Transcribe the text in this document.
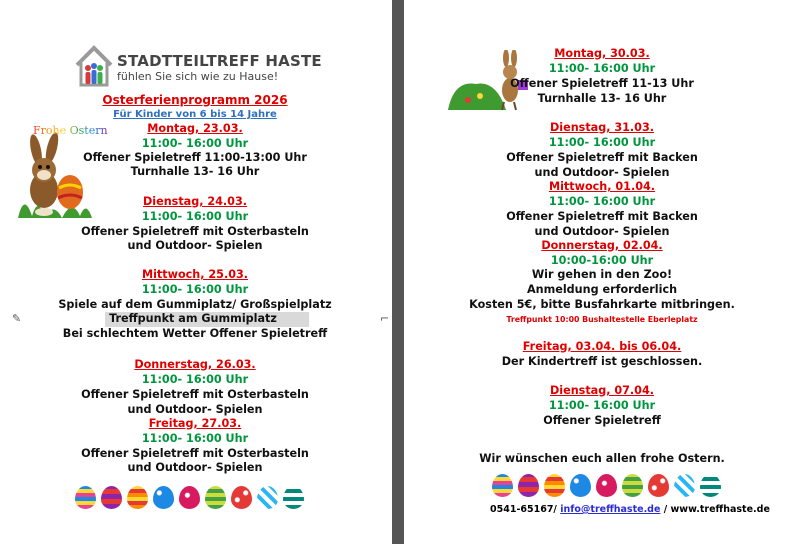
STADTTEILTREFF HASTE
fühlen Sie sich wie zu Hause!
Frohe Ostern
Osterferienprogramm 2026
Für Kinder von 6 bis 14 Jahre
Montag, 23.03.
11:00- 16:00 Uhr
Offener Spieletreff 11:00-13:00 Uhr
Turnhalle 13- 16 Uhr
Dienstag, 24.03.
11:00- 16:00 Uhr
Offener Spieletreff mit Osterbasteln
und Outdoor- Spielen
Mittwoch, 25.03.
11:00- 16:00 Uhr
Spiele auf dem Gummiplatz/ Großspielplatz
Treffpunkt am Gummiplatz
Bei schlechtem Wetter Offener Spieletreff
Donnerstag, 26.03.
11:00- 16:00 Uhr
Offener Spieletreff mit Osterbasteln
und Outdoor- Spielen
Freitag, 27.03.
11:00- 16:00 Uhr
Offener Spieletreff mit Osterbasteln
und Outdoor- Spielen
✎	⌐
Montag, 30.03.
11:00- 16:00 Uhr
Offener Spieletreff 11-13 Uhr
Turnhalle 13- 16 Uhr
Dienstag, 31.03.
11:00- 16:00 Uhr
Offener Spieletreff mit Backen
und Outdoor- Spielen
Mittwoch, 01.04.
11:00- 16:00 Uhr
Offener Spieletreff mit Backen
und Outdoor- Spielen
Donnerstag, 02.04.
10:00-16:00 Uhr
Wir gehen in den Zoo!
Anmeldung erforderlich
Kosten 5€, bitte Busfahrkarte mitbringen.
Treffpunkt 10:00 Bushaltestelle Eberleplatz
Freitag, 03.04. bis 06.04.
Der Kindertreff ist geschlossen.
Dienstag, 07.04.
11:00- 16:00 Uhr
Offener Spieletreff
Wir wünschen euch allen frohe Ostern.
0541-65167/ info@treffhaste.de / www.treffhaste.de
